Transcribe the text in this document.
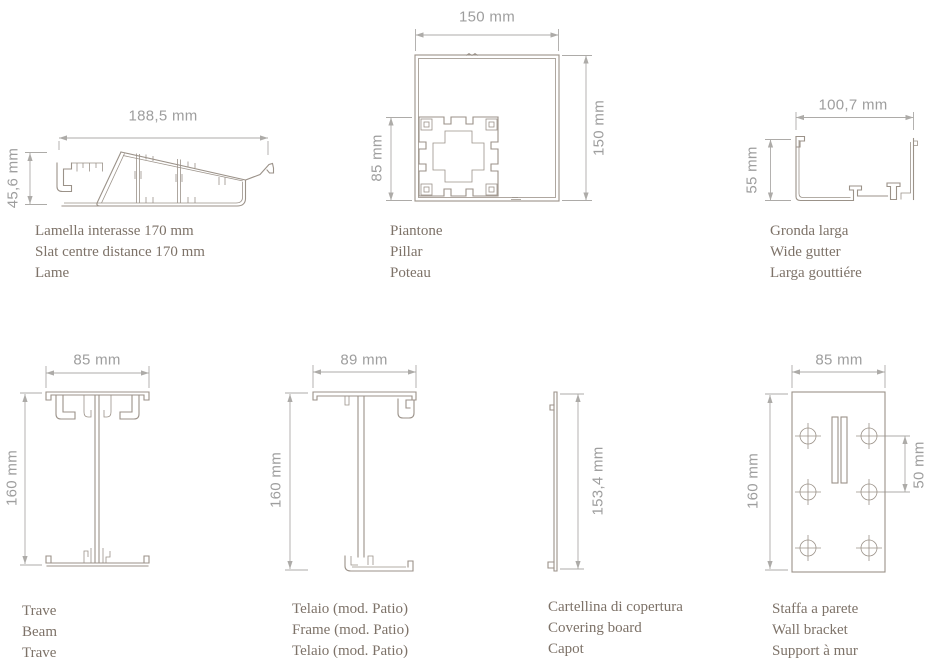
188,5 mm
45,6 mm
Lamella interasse 170 mm
Slat centre distance 170 mm
Lame
150 mm
150 mm
85 mm
Piantone
Pillar
Poteau
100,7 mm
55 mm
Gronda larga
Wide gutter
Larga gouttiére
85 mm
160 mm
Trave
Beam
Trave
89 mm
160 mm
Telaio (mod. Patio)
Frame (mod. Patio)
Telaio (mod. Patio)
153,4 mm
Cartellina di copertura
Covering board
Capot
85 mm
160 mm	50 mm
Staffa a parete
Wall bracket
Support à mur
